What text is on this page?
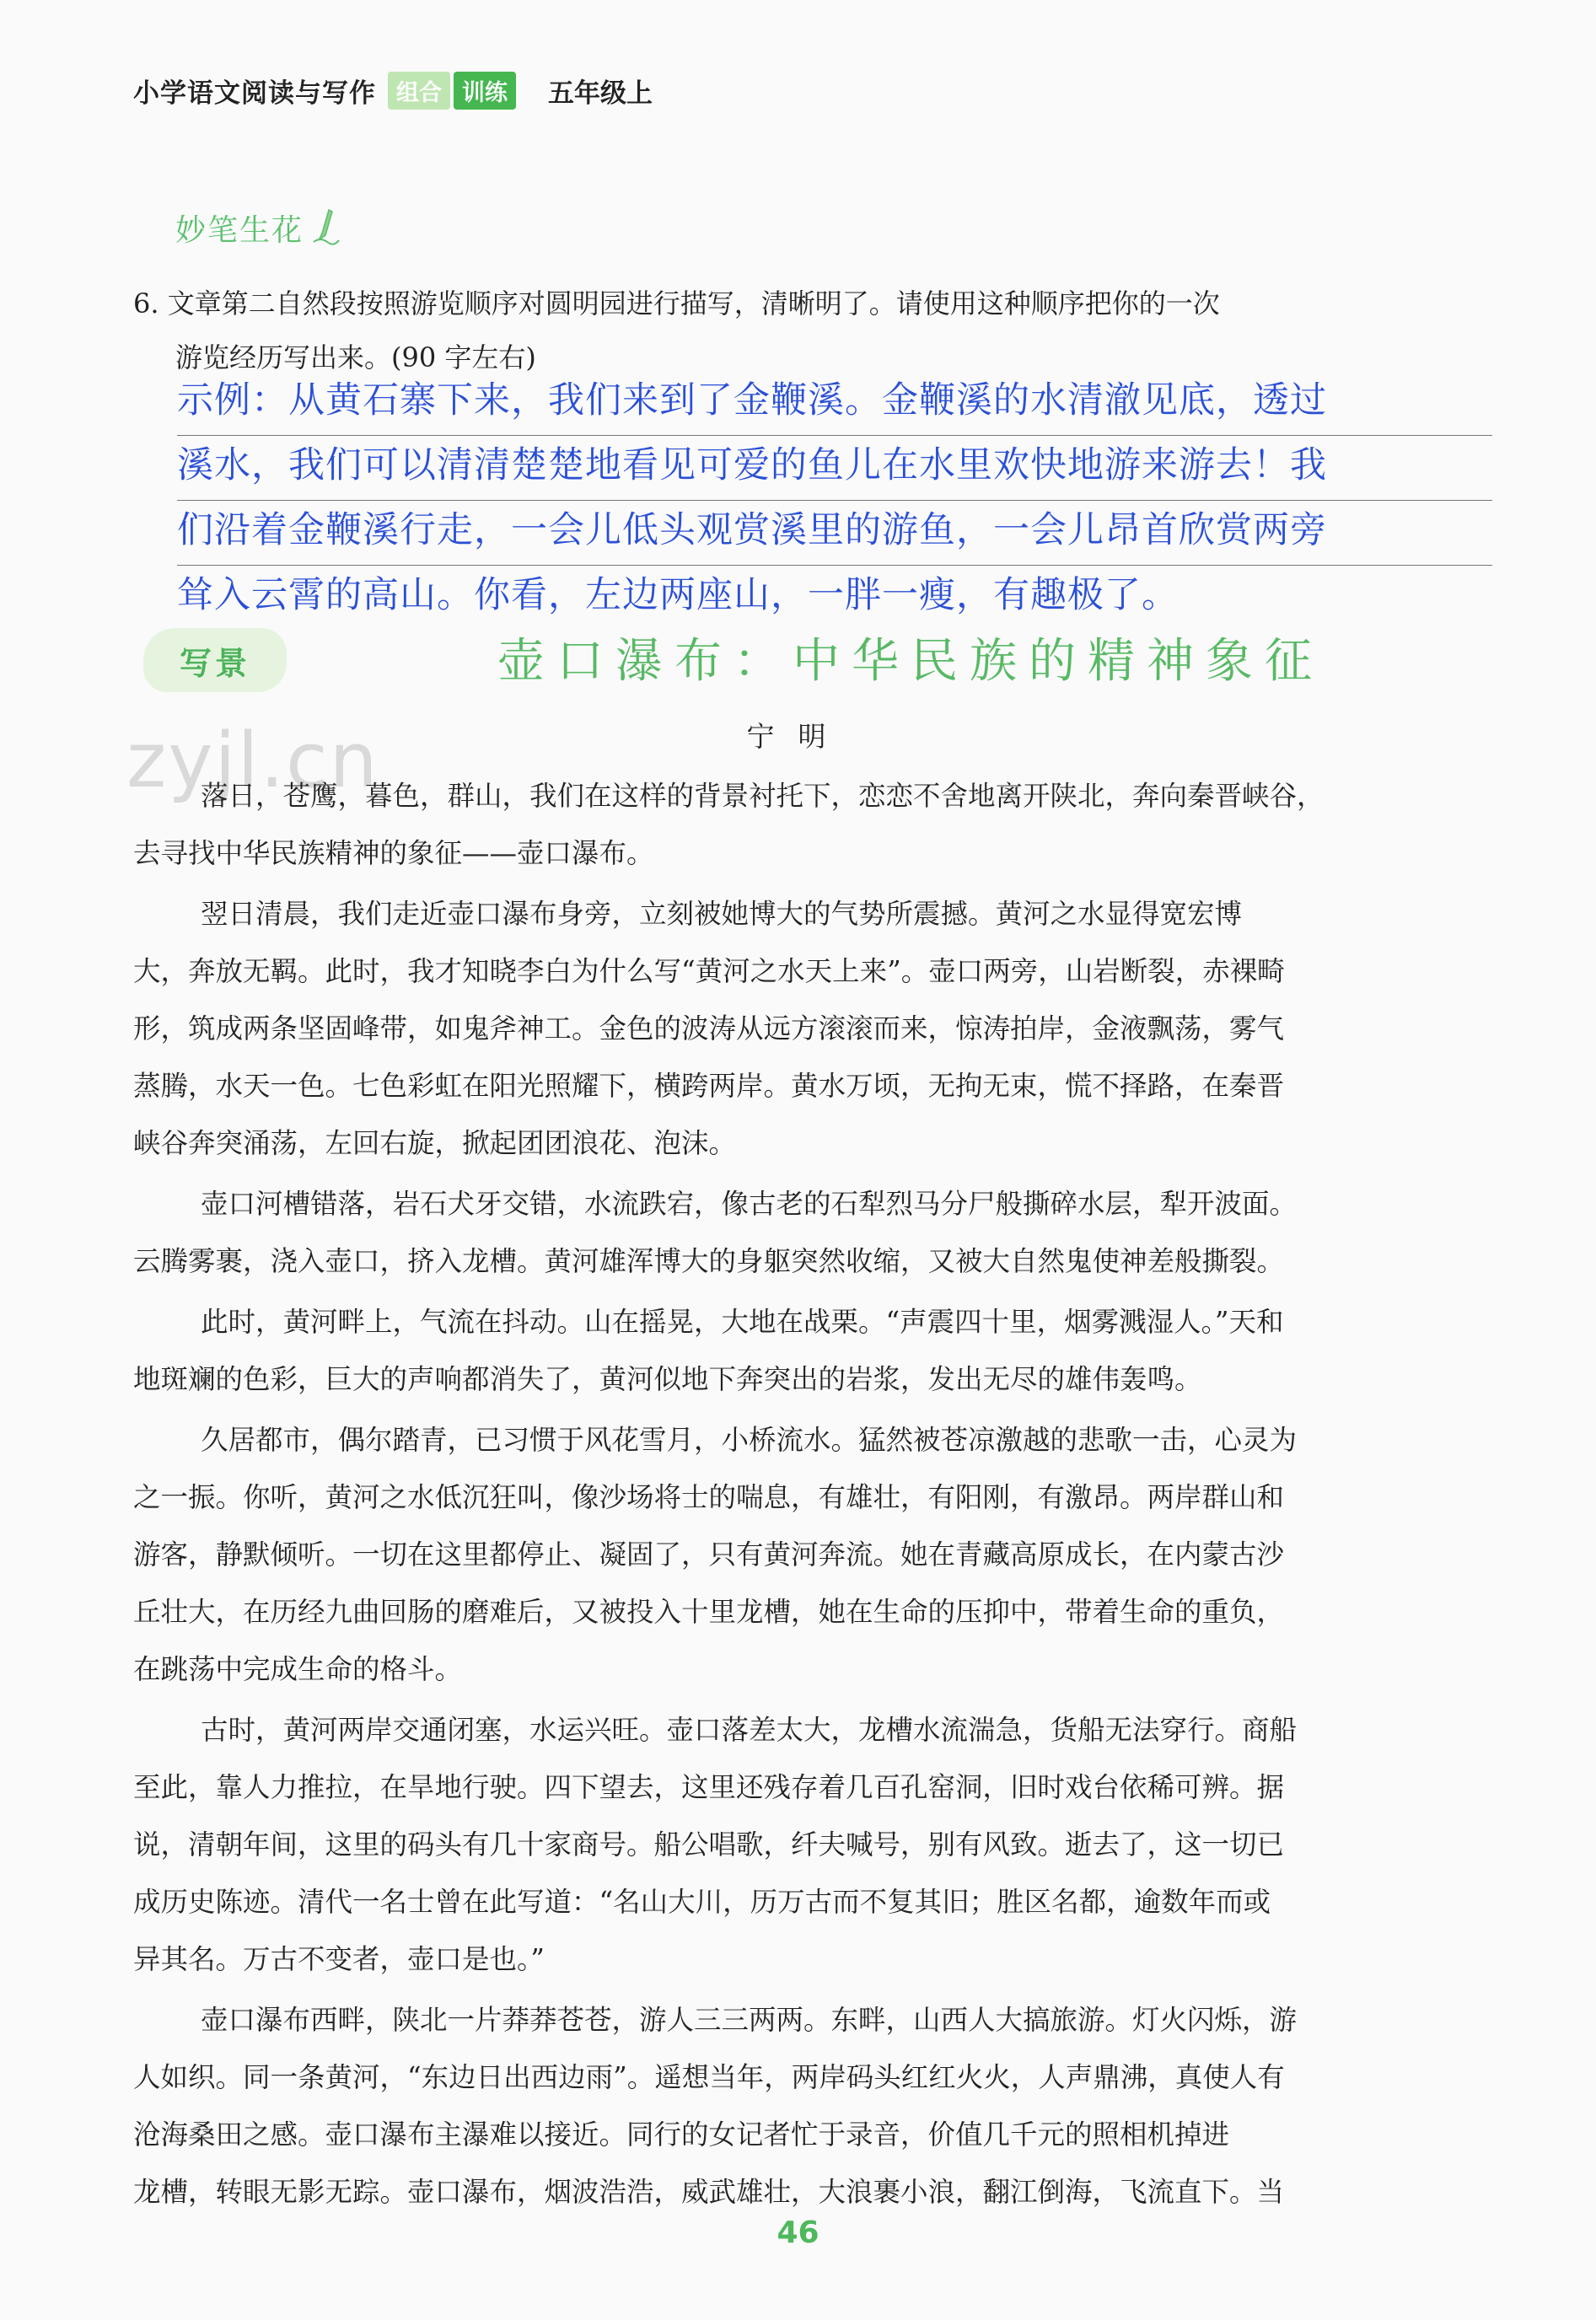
小学语文阅读与写作 组合 训练	五年级上
妙笔生花
6. 文章第二自然段按照游览顺序对圆明园进行描写，清晰明了。请使用这种顺序把你的一次
游览经历写出来。(90 字左右)
示例：从黄石寨下来，我们来到了金鞭溪。金鞭溪的水清澈见底，透过
溪水，我们可以清清楚楚地看见可爱的鱼儿在水里欢快地游来游去！我
们沿着金鞭溪行走，一会儿低头观赏溪里的游鱼，一会儿昂首欣赏两旁
耸入云霄的高山。你看，左边两座山，一胖一瘦，有趣极了。
写景	壶口瀑布：中华民族的精神象征
zyjl.cn	宁明

落日，苍鹰，暮色，群山，我们在这样的背景衬托下，恋恋不舍地离开陕北，奔向秦晋峡谷，
去寻找中华民族精神的象征——壶口瀑布。

翌日清晨，我们走近壶口瀑布身旁，立刻被她博大的气势所震撼。黄河之水显得宽宏博
大，奔放无羁。此时，我才知晓李白为什么写“黄河之水天上来”。壶口两旁，山岩断裂，赤裸畸
形，筑成两条坚固峰带，如鬼斧神工。金色的波涛从远方滚滚而来，惊涛拍岸，金液飘荡，雾气
蒸腾，水天一色。七色彩虹在阳光照耀下，横跨两岸。黄水万顷，无拘无束，慌不择路，在秦晋
峡谷奔突涌荡，左回右旋，掀起团团浪花、泡沫。

壶口河槽错落，岩石犬牙交错，水流跌宕，像古老的石犁烈马分尸般撕碎水层，犁开波面。
云腾雾裹，浇入壶口，挤入龙槽。黄河雄浑博大的身躯突然收缩，又被大自然鬼使神差般撕裂。

此时，黄河畔上，气流在抖动。山在摇晃，大地在战栗。“声震四十里，烟雾溅湿人。”天和
地斑斓的色彩，巨大的声响都消失了，黄河似地下奔突出的岩浆，发出无尽的雄伟轰鸣。

久居都市，偶尔踏青，已习惯于风花雪月，小桥流水。猛然被苍凉激越的悲歌一击，心灵为
之一振。你听，黄河之水低沉狂叫，像沙场将士的喘息，有雄壮，有阳刚，有激昂。两岸群山和
游客，静默倾听。一切在这里都停止、凝固了，只有黄河奔流。她在青藏高原成长，在内蒙古沙
丘壮大，在历经九曲回肠的磨难后，又被投入十里龙槽，她在生命的压抑中，带着生命的重负，
在跳荡中完成生命的格斗。

古时，黄河两岸交通闭塞，水运兴旺。壶口落差太大，龙槽水流湍急，货船无法穿行。商船
至此，靠人力推拉，在旱地行驶。四下望去，这里还残存着几百孔窑洞，旧时戏台依稀可辨。据
说，清朝年间，这里的码头有几十家商号。船公唱歌，纤夫喊号，别有风致。逝去了，这一切已
成历史陈迹。清代一名士曾在此写道：“名山大川，历万古而不复其旧；胜区名都，逾数年而或
异其名。万古不变者，壶口是也。”

壶口瀑布西畔，陕北一片莽莽苍苍，游人三三两两。东畔，山西人大搞旅游。灯火闪烁，游
人如织。同一条黄河，“东边日出西边雨”。遥想当年，两岸码头红红火火，人声鼎沸，真使人有
沧海桑田之感。壶口瀑布主瀑难以接近。同行的女记者忙于录音，价值几千元的照相机掉进
龙槽，转眼无影无踪。壶口瀑布，烟波浩浩，威武雄壮，大浪裹小浪，翻江倒海，飞流直下。当

46
